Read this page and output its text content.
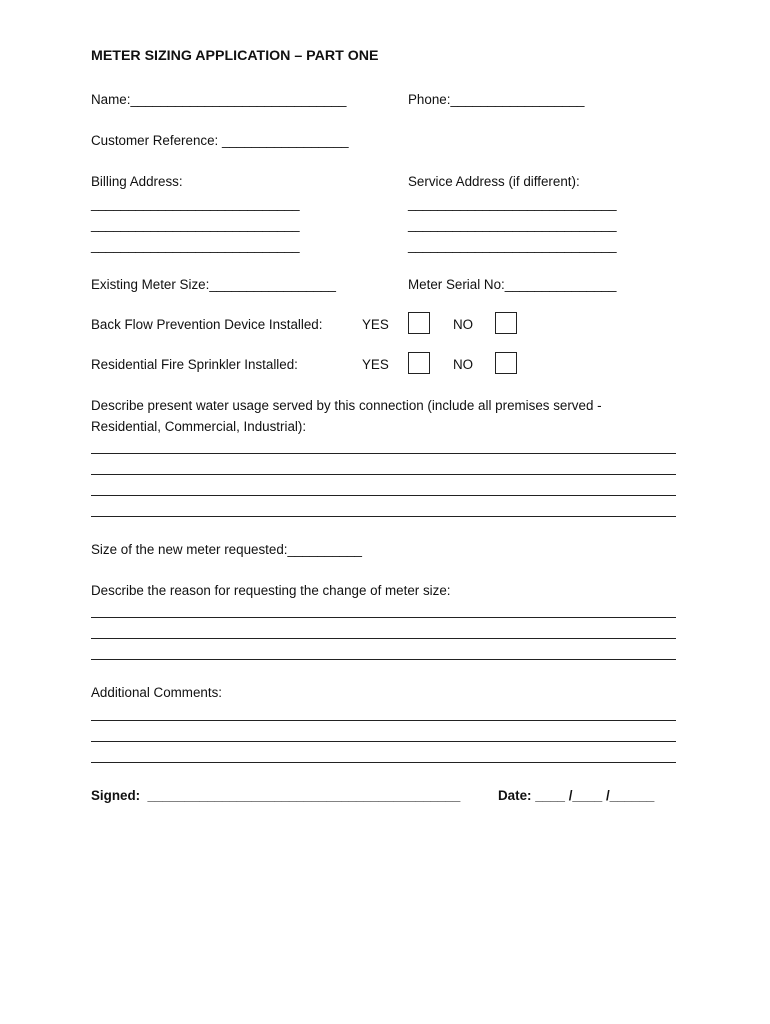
METER SIZING APPLICATION – PART ONE
Name:_____________________________	Phone:__________________
Customer Reference: _________________
Billing Address:	Service Address (if different):
____________________________
____________________________
____________________________
____________________________
____________________________
____________________________
Existing Meter Size:_________________	Meter Serial No:_______________
Back Flow Prevention Device Installed:	YES	NO
Residential Fire Sprinkler Installed:	YES	NO
Describe present water usage served by this connection (include all premises served -
Residential, Commercial, Industrial):
Size of the new meter requested:__________
Describe the reason for requesting the change of meter size:
Additional Comments:
Signed:  __________________________________________	Date: ____ /____ /______
